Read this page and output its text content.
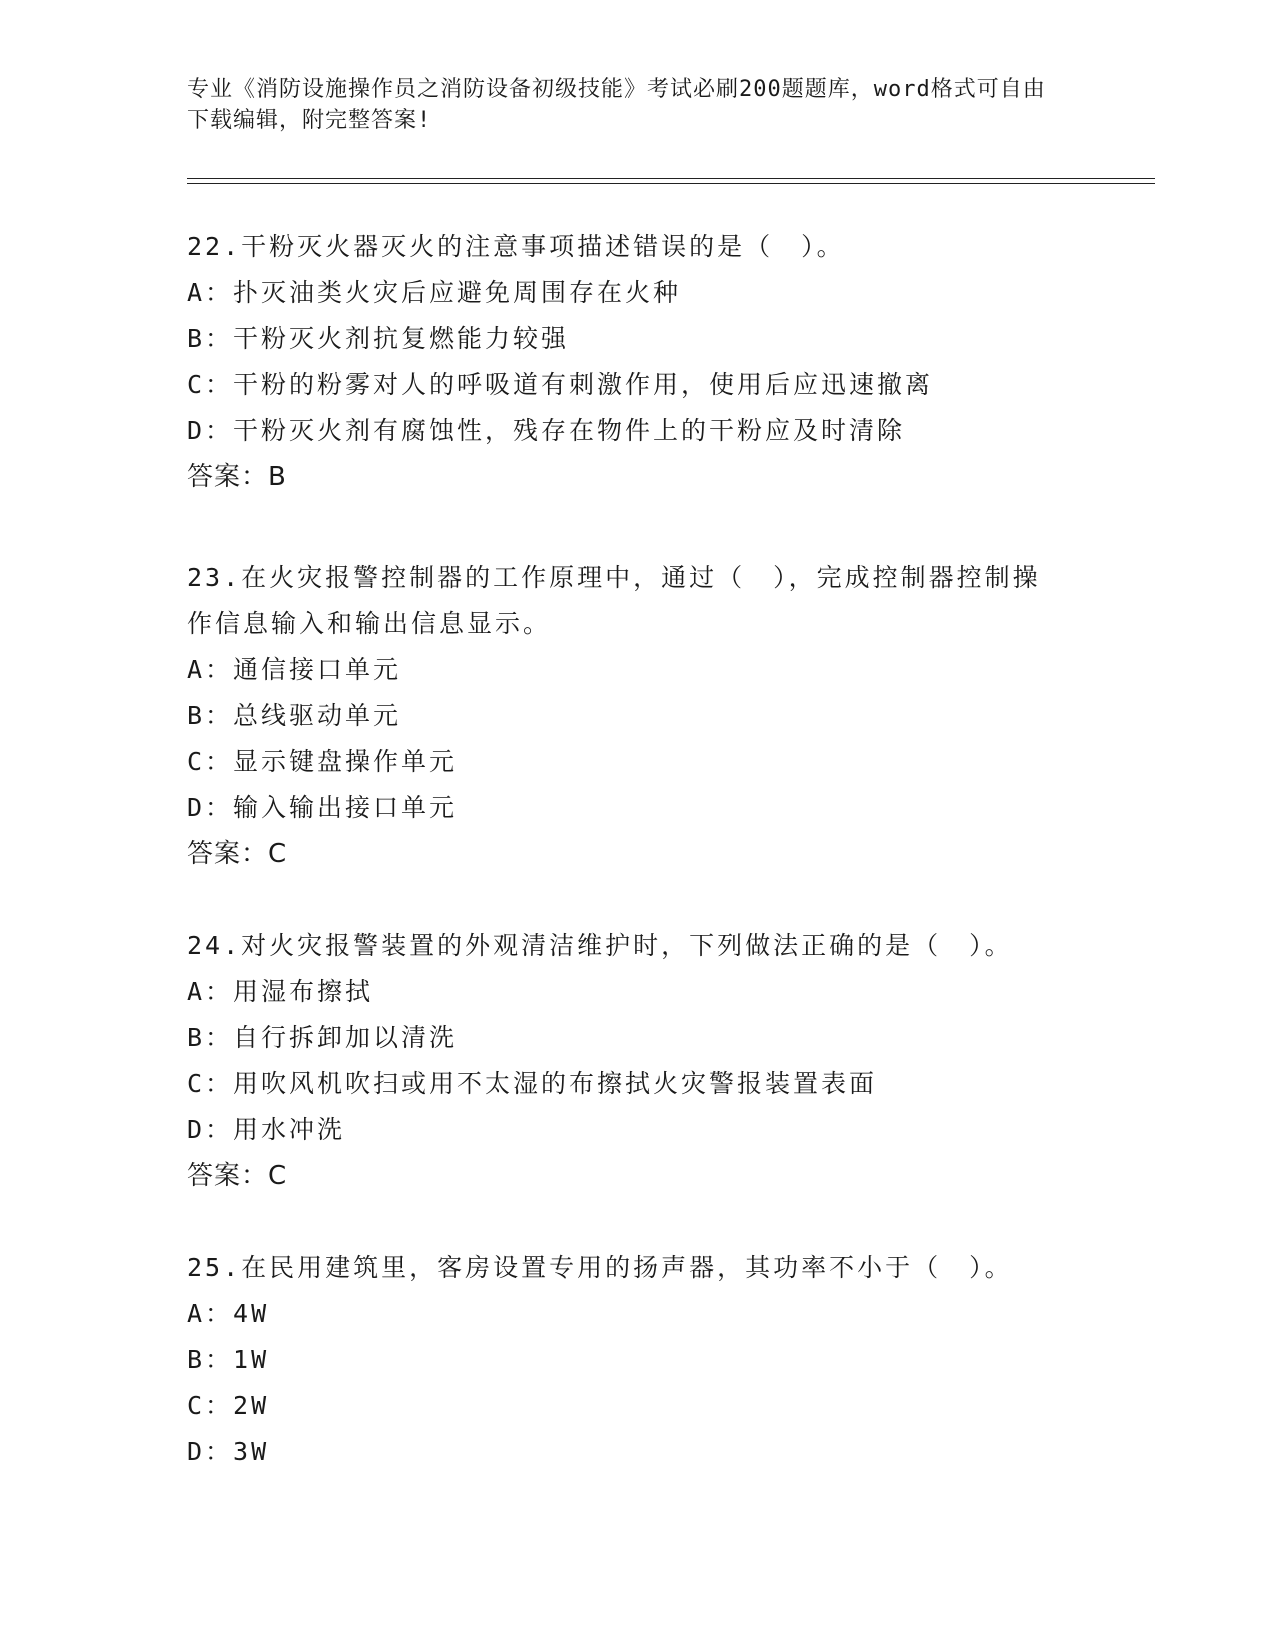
专业《消防设施操作员之消防设备初级技能》考试必刷200题题库，word格式可自由下载编辑，附完整答案!
22.干粉灭火器灭火的注意事项描述错误的是（　）。
A：扑灭油类火灾后应避免周围存在火种
B：干粉灭火剂抗复燃能力较强
C：干粉的粉雾对人的呼吸道有刺激作用，使用后应迅速撤离
D：干粉灭火剂有腐蚀性，残存在物件上的干粉应及时清除
答案：B
23.在火灾报警控制器的工作原理中，通过（　），完成控制器控制操作信息输入和输出信息显示。
A：通信接口单元
B：总线驱动单元
C：显示键盘操作单元
D：输入输出接口单元
答案：C
24.对火灾报警装置的外观清洁维护时，下列做法正确的是（　）。
A：用湿布擦拭
B：自行拆卸加以清洗
C：用吹风机吹扫或用不太湿的布擦拭火灾警报装置表面
D：用水冲洗
答案：C
25.在民用建筑里，客房设置专用的扬声器，其功率不小于（　）。
A：4W
B：1W
C：2W
D：3W
